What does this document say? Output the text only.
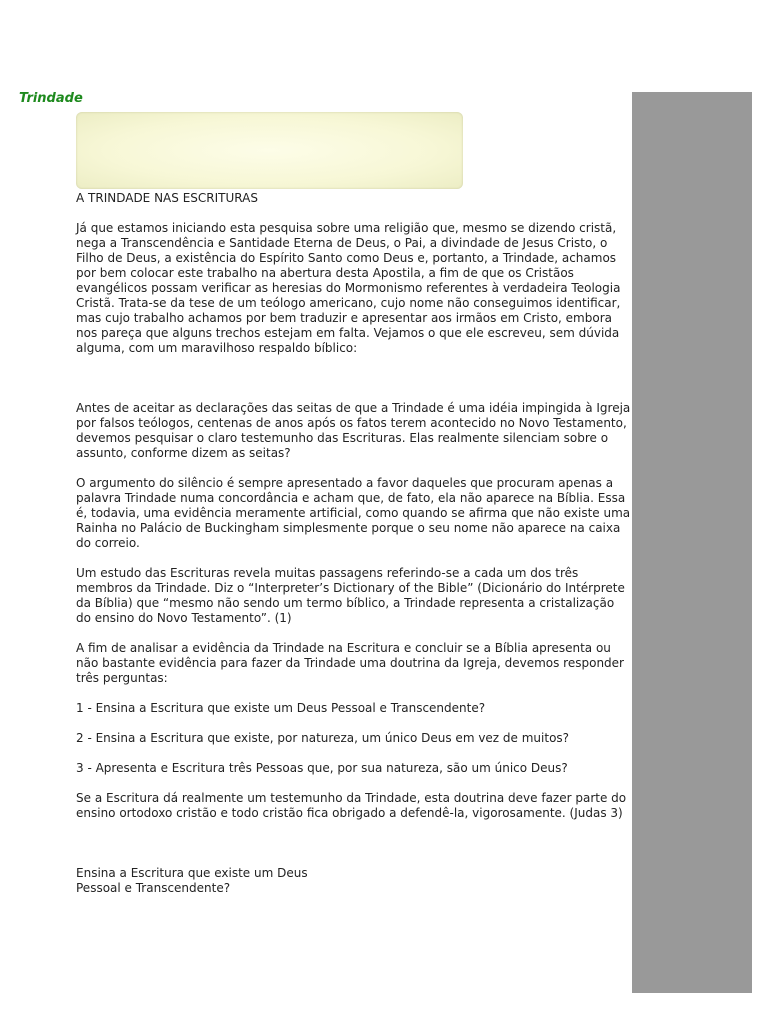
Trindade

A TRINDADE NAS ESCRITURAS

Já que estamos iniciando esta pesquisa sobre uma religião que, mesmo se dizendo cristã, nega a Transcendência e Santidade Eterna de Deus, o Pai, a divindade de Jesus Cristo, o Filho de Deus, a existência do Espírito Santo como Deus e, portanto, a Trindade, achamos por bem colocar este trabalho na abertura desta Apostila, a fim de que os Cristãos evangélicos possam verificar as heresias do Mormonismo referentes à verdadeira Teologia Cristã. Trata-se da tese de um teólogo americano, cujo nome não conseguimos identificar, mas cujo trabalho achamos por bem traduzir e apresentar aos irmãos em Cristo, embora nos pareça que alguns trechos estejam em falta. Vejamos o que ele escreveu, sem dúvida alguma, com um maravilhoso respaldo bíblico:

Antes de aceitar as declarações das seitas de que a Trindade é uma idéia impingida à Igreja por falsos teólogos, centenas de anos após os fatos terem acontecido no Novo Testamento, devemos pesquisar o claro testemunho das Escrituras. Elas realmente silenciam sobre o assunto, conforme dizem as seitas?

O argumento do silêncio é sempre apresentado a favor daqueles que procuram apenas a palavra Trindade numa concordância e acham que, de fato, ela não aparece na Bíblia. Essa é, todavia, uma evidência meramente artificial, como quando se afirma que não existe uma Rainha no Palácio de Buckingham simplesmente porque o seu nome não aparece na caixa do correio.

Um estudo das Escrituras revela muitas passagens referindo-se a cada um dos três membros da Trindade. Diz o “Interpreter’s Dictionary of the Bible” (Dicionário do Intérprete da Bíblia) que “mesmo não sendo um termo bíblico, a Trindade representa a cristalização do ensino do Novo Testamento”. (1)

A fim de analisar a evidência da Trindade na Escritura e concluir se a Bíblia apresenta ou não bastante evidência para fazer da Trindade uma doutrina da Igreja, devemos responder três perguntas:

1 - Ensina a Escritura que existe um Deus Pessoal e Transcendente?

2 - Ensina a Escritura que existe, por natureza, um único Deus em vez de muitos?

3 - Apresenta e Escritura três Pessoas que, por sua natureza, são um único Deus?

Se a Escritura dá realmente um testemunho da Trindade, esta doutrina deve fazer parte do ensino ortodoxo cristão e todo cristão fica obrigado a defendê-la, vigorosamente. (Judas 3)

Ensina a Escritura que existe um Deus
Pessoal e Transcendente?
